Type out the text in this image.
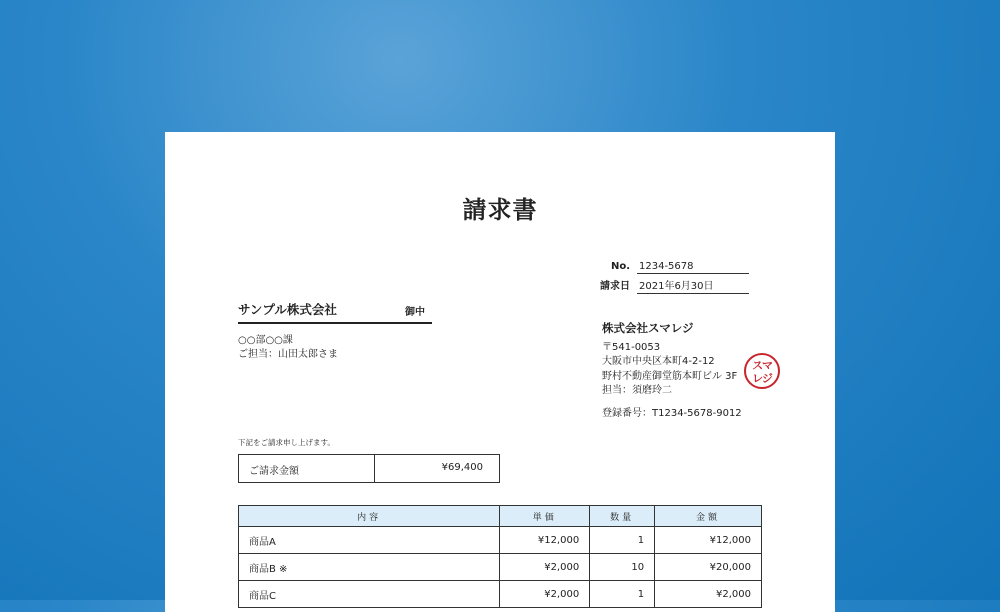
請求書
No. 1234-5678
請求日 2021年6月30日
サンプル株式会社	御中
○○部○○課
ご担当：山田太郎さま
株式会社スマレジ
〒541-0053
大阪市中央区本町4-2-12
野村不動産御堂筋本町ビル 3F
担当：須磨玲二
登録番号：T1234-5678-9012
スマ
レジ
下記をご請求申し上げます。
ご請求金額	¥69,400
内容	単価	数量	金額
商品A	¥12,000	1	¥12,000
商品B ※	¥2,000	10	¥20,000
商品C	¥2,000	1	¥2,000
